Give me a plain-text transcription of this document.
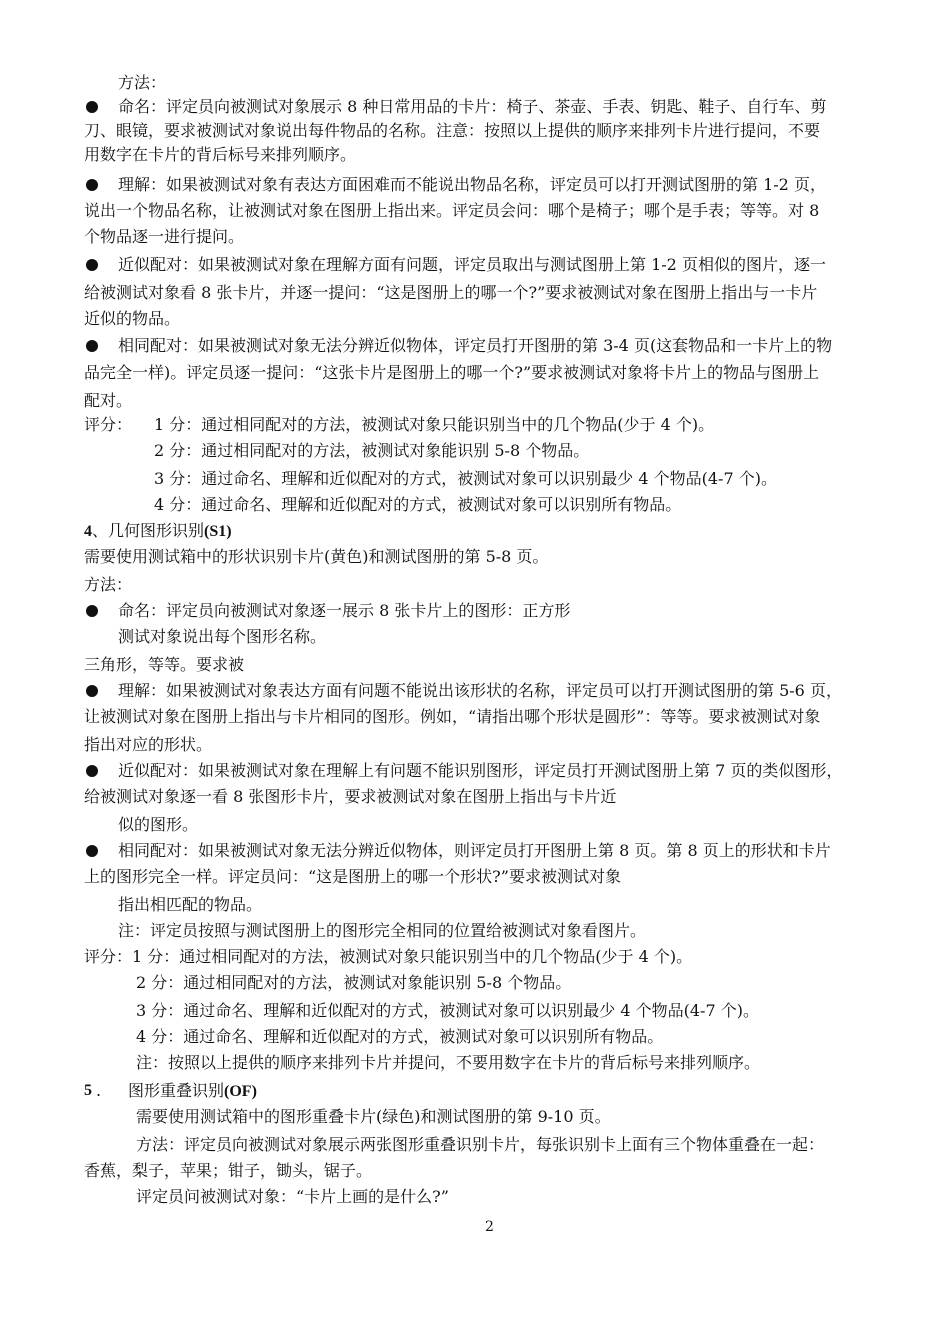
方法：
命名：评定员向被测试对象展示 8 种日常用品的卡片：椅子、茶壶、手表、钥匙、鞋子、自行车、剪
刀、眼镜，要求被测试对象说出每件物品的名称。注意：按照以上提供的顺序来排列卡片进行提问，不要
用数字在卡片的背后标号来排列顺序。
理解：如果被测试对象有表达方面困难而不能说出物品名称，评定员可以打开测试图册的第 1-2 页，
说出一个物品名称，让被测试对象在图册上指出来。评定员会问：哪个是椅子；哪个是手表；等等。对 8
个物品逐一进行提问。
近似配对：如果被测试对象在理解方面有问题，评定员取出与测试图册上第 1-2 页相似的图片，逐一
给被测试对象看 8 张卡片，并逐一提问：“这是图册上的哪一个?”要求被测试对象在图册上指出与一卡片
近似的物品。
相同配对：如果被测试对象无法分辨近似物体，评定员打开图册的第 3-4 页(这套物品和一卡片上的物
品完全一样)。评定员逐一提问：“这张卡片是图册上的哪一个?”要求被测试对象将卡片上的物品与图册上
配对。
评分： 1 分：通过相同配对的方法，被测试对象只能识别当中的几个物品(少于 4 个)。
2 分：通过相同配对的方法，被测试对象能识别 5-8 个物品。
3 分：通过命名、理解和近似配对的方式，被测试对象可以识别最少 4 个物品(4-7 个)。
4 分：通过命名、理解和近似配对的方式，被测试对象可以识别所有物品。
4、几何图形识别(S1)
需要使用测试箱中的形状识别卡片(黄色)和测试图册的第 5-8 页。
方法：
命名：评定员向被测试对象逐一展示 8 张卡片上的图形：正方形
测试对象说出每个图形名称。
三角形，等等。要求被
理解：如果被测试对象表达方面有问题不能说出该形状的名称，评定员可以打开测试图册的第 5-6 页，
让被测试对象在图册上指出与卡片相同的图形。例如，“请指出哪个形状是圆形”：等等。要求被测试对象
指出对应的形状。
近似配对：如果被测试对象在理解上有问题不能识别图形，评定员打开测试图册上第 7 页的类似图形，
给被测试对象逐一看 8 张图形卡片，要求被测试对象在图册上指出与卡片近
似的图形。
相同配对：如果被测试对象无法分辨近似物体，则评定员打开图册上第 8 页。第 8 页上的形状和卡片
上的图形完全一样。评定员问：“这是图册上的哪一个形状?”要求被测试对象
指出相匹配的物品。
注：评定员按照与测试图册上的图形完全相同的位置给被测试对象看图片。
评分：1 分：通过相同配对的方法，被测试对象只能识别当中的几个物品(少于 4 个)。
2 分：通过相同配对的方法，被测试对象能识别 5-8 个物品。
3 分：通过命名、理解和近似配对的方式，被测试对象可以识别最少 4 个物品(4-7 个)。
4 分：通过命名、理解和近似配对的方式，被测试对象可以识别所有物品。
注：按照以上提供的顺序来排列卡片并提问，不要用数字在卡片的背后标号来排列顺序。
5 . 图形重叠识别(OF)
需要使用测试箱中的图形重叠卡片(绿色)和测试图册的第 9-10 页。
方法：评定员向被测试对象展示两张图形重叠识别卡片，每张识别卡上面有三个物体重叠在一起：
香蕉，梨子，苹果；钳子，锄头，锯子。
评定员问被测试对象：“卡片上画的是什么?”
2
